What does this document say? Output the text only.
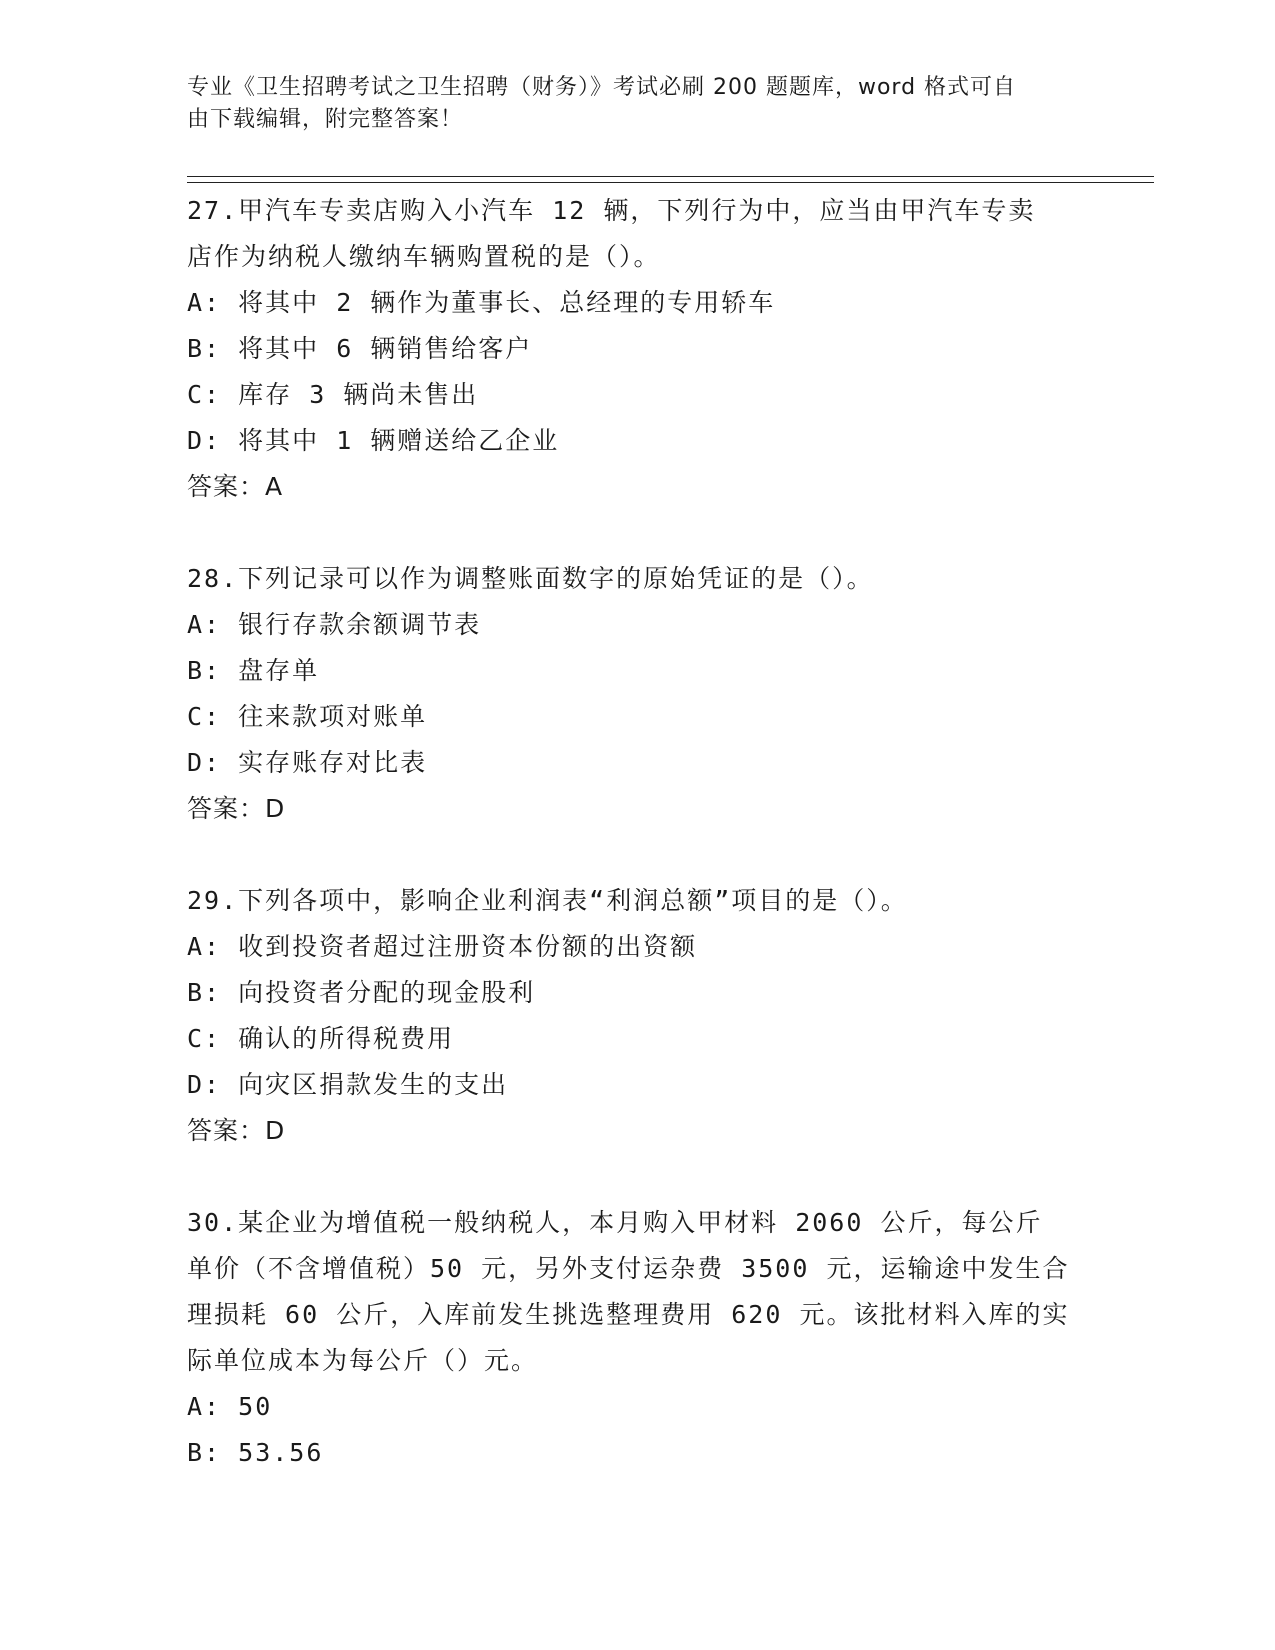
专业《卫生招聘考试之卫生招聘（财务）》考试必刷 200 题题库，word 格式可自
由下载编辑，附完整答案！
27.甲汽车专卖店购入小汽车 12 辆，下列行为中，应当由甲汽车专卖
店作为纳税人缴纳车辆购置税的是（）。
A: 将其中 2 辆作为董事长、总经理的专用轿车
B: 将其中 6 辆销售给客户
C: 库存 3 辆尚未售出
D: 将其中 1 辆赠送给乙企业
答案：A
28.下列记录可以作为调整账面数字的原始凭证的是（）。
A: 银行存款余额调节表
B: 盘存单
C: 往来款项对账单
D: 实存账存对比表
答案：D
29.下列各项中，影响企业利润表“利润总额”项目的是（）。
A: 收到投资者超过注册资本份额的出资额
B: 向投资者分配的现金股利
C: 确认的所得税费用
D: 向灾区捐款发生的支出
答案：D
30.某企业为增值税一般纳税人，本月购入甲材料 2060 公斤，每公斤
单价（不含增值税）50 元，另外支付运杂费 3500 元，运输途中发生合
理损耗 60 公斤，入库前发生挑选整理费用 620 元。该批材料入库的实
际单位成本为每公斤（）元。
A: 50
B: 53.56
